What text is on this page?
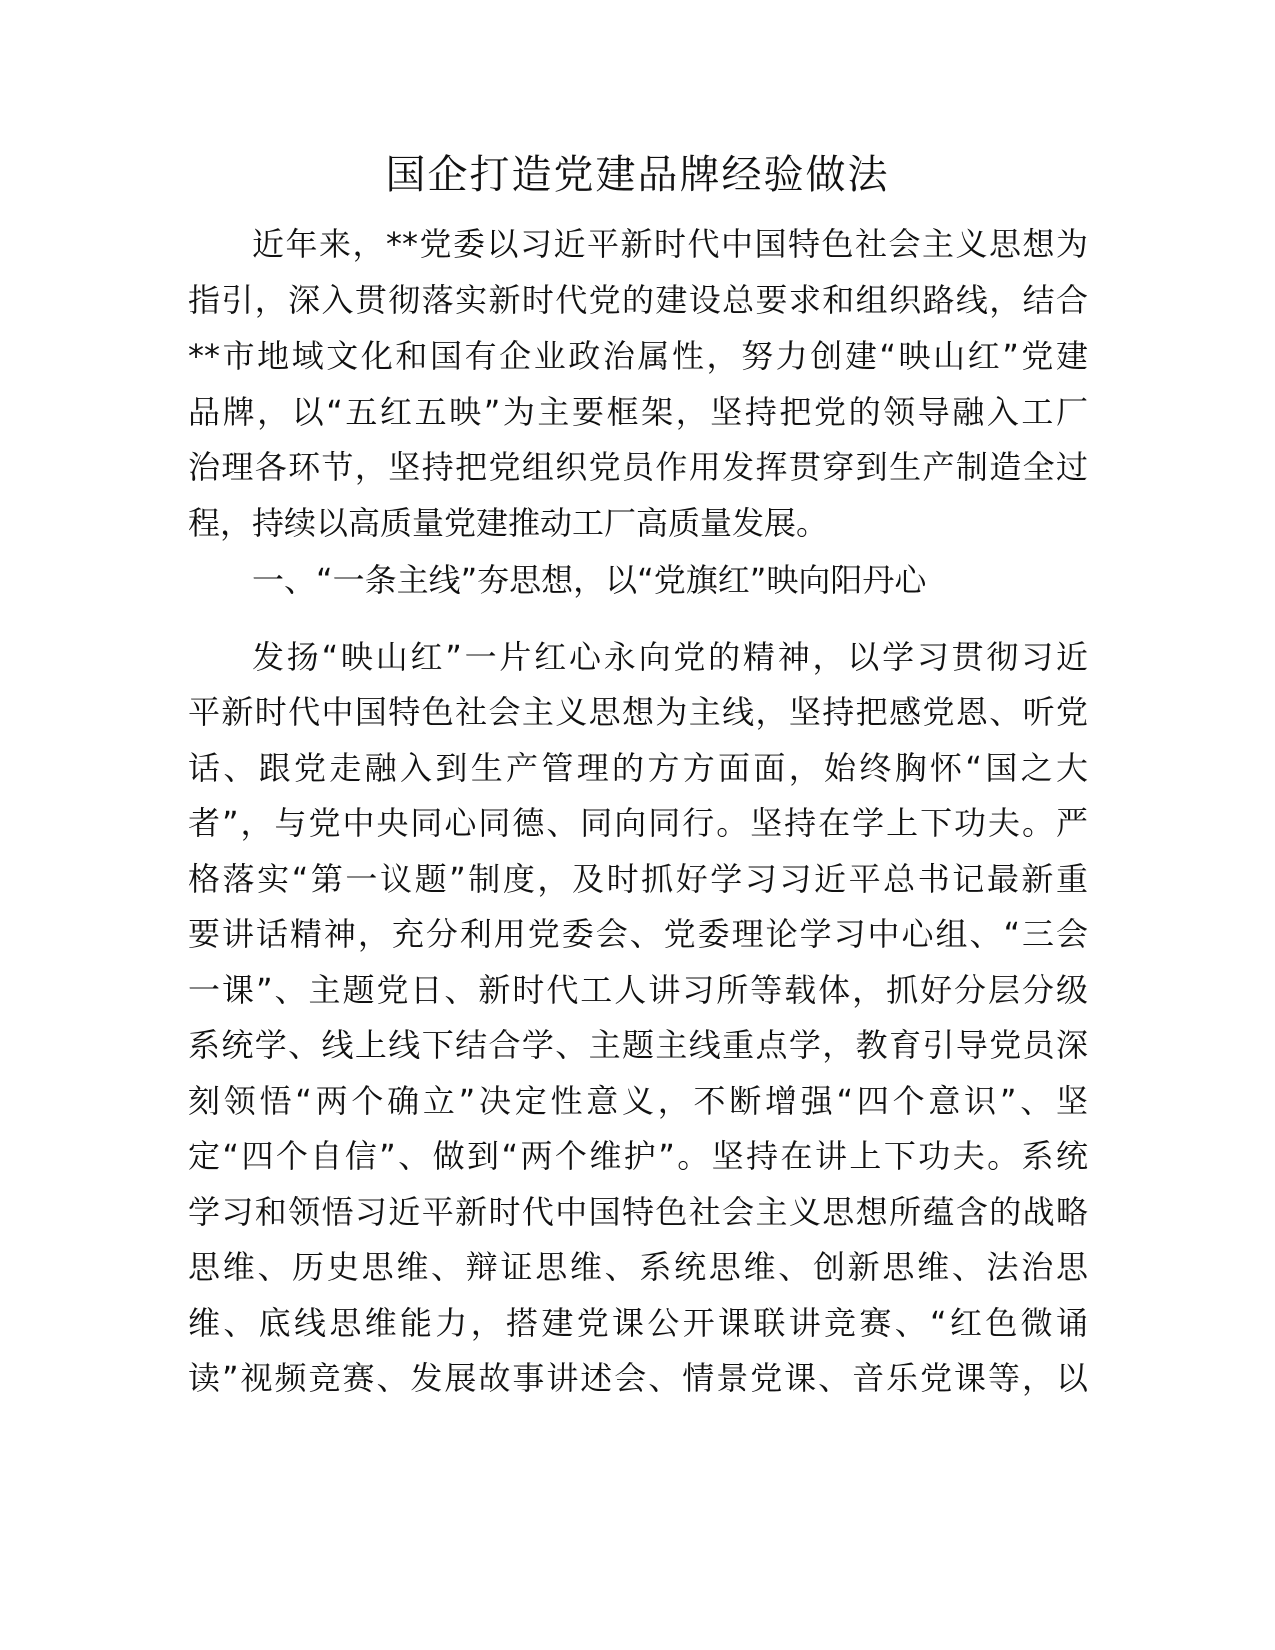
国企打造党建品牌经验做法
近年来，**党委以习近平新时代中国特色社会主义思想为
指引，深入贯彻落实新时代党的建设总要求和组织路线，结合
**市地域文化和国有企业政治属性，努力创建“映山红”党建
品牌，以“五红五映”为主要框架，坚持把党的领导融入工厂
治理各环节，坚持把党组织党员作用发挥贯穿到生产制造全过
程，持续以高质量党建推动工厂高质量发展。
一、“一条主线”夯思想，以“党旗红”映向阳丹心
发扬“映山红”一片红心永向党的精神，以学习贯彻习近
平新时代中国特色社会主义思想为主线，坚持把感党恩、听党
话、跟党走融入到生产管理的方方面面，始终胸怀“国之大
者”，与党中央同心同德、同向同行。坚持在学上下功夫。严
格落实“第一议题”制度，及时抓好学习习近平总书记最新重
要讲话精神，充分利用党委会、党委理论学习中心组、“三会
一课”、主题党日、新时代工人讲习所等载体，抓好分层分级
系统学、线上线下结合学、主题主线重点学，教育引导党员深
刻领悟“两个确立”决定性意义，不断增强“四个意识”、坚
定“四个自信”、做到“两个维护”。坚持在讲上下功夫。系统
学习和领悟习近平新时代中国特色社会主义思想所蕴含的战略
思维、历史思维、辩证思维、系统思维、创新思维、法治思
维、底线思维能力，搭建党课公开课联讲竞赛、“红色微诵
读”视频竞赛、发展故事讲述会、情景党课、音乐党课等，以
